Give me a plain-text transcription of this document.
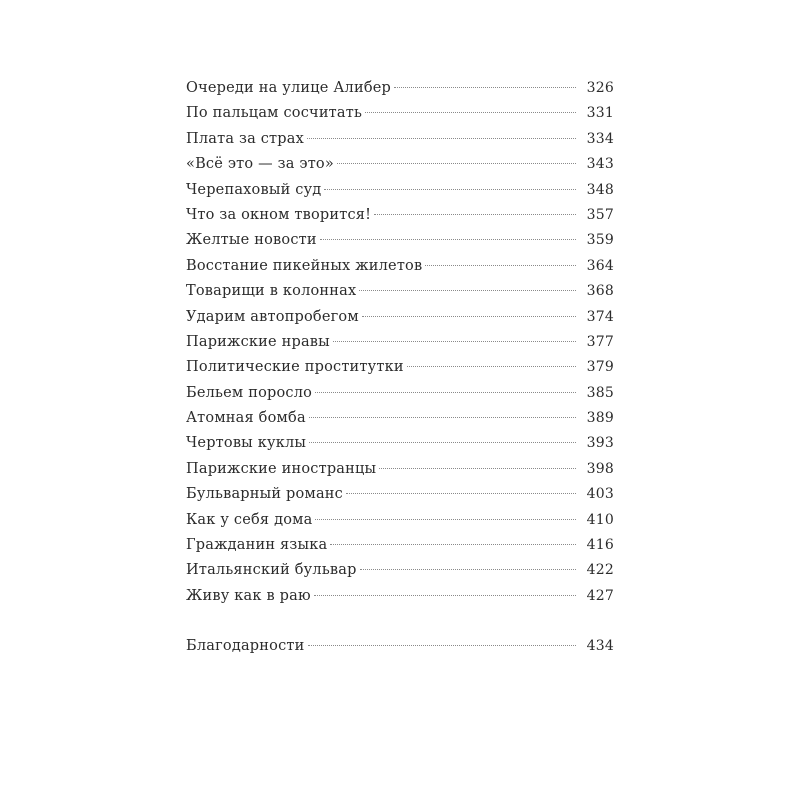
Очереди на улице Алибер	326
По пальцам сосчитать	331
Плата за страх	334
«Всё это — за это»	343
Черепаховый суд	348
Что за окном творится!	357
Желтые новости	359
Восстание пикейных жилетов	364
Товарищи в колоннах	368
Ударим автопробегом	374
Парижские нравы	377
Политические проститутки	379
Бельем поросло	385
Атомная бомба	389
Чертовы куклы	393
Парижские иностранцы	398
Бульварный романс	403
Как у себя дома	410
Гражданин языка	416
Итальянский бульвар	422
Живу как в раю	427
Благодарности	434
